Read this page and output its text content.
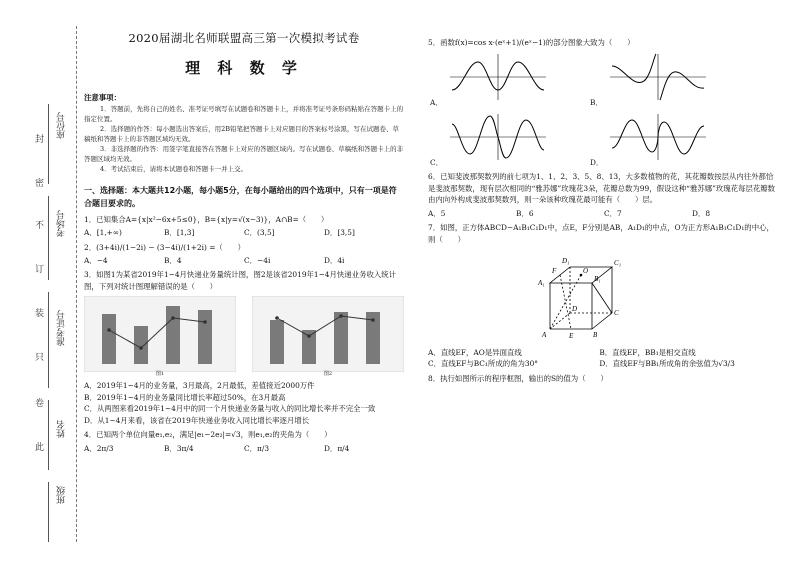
座位号
考场号
准考证号
姓名
班级
封
密
不
订
装
只
卷
此
2020届湖北名师联盟高三第一次模拟考试卷
理 科 数 学
注意事项：

1．答题前，先将自己的姓名、准考证号填写在试题卷和答题卡上，并将准考证号条形码粘贴在答题卡上的指定位置。

2．选择题的作答：每小题选出答案后，用2B铅笔把答题卡上对应题目的答案标号涂黑，写在试题卷、草稿纸和答题卡上的非答题区域均无效。

3．非选择题的作答：用签字笔直接答在答题卡上对应的答题区域内。写在试题卷、草稿纸和答题卡上的非答题区域均无效。

4．考试结束后，请将本试题卷和答题卡一并上交。

一、选择题：本大题共12小题，每小题5分，在每小题给出的四个选项中，只有一项是符合题目要求的。
1．已知集合A={x|x²−6x+5≤0}，B={x|y=√(x−3)}，A∩B=（　　）
A．[1,+∞)	B．[1,3]	C．(3,5]	D．[3,5]
2．(3+4i)/(1−2i) − (3−4i)/(1+2i) =（　　）
A．−4	B．4	C．−4i	D．4i
3．如图1为某省2019年1~4月快递业务量统计图，图2是该省2019年1~4月快递业务收入统计图，下列对统计图理解错误的是（　　）
图1	图2
A．2019年1~4月的业务量，3月最高，2月最低，差值接近2000万件
B．2019年1~4月的业务量同比增长率超过50%，在3月最高
C．从两图来看2019年1~4月中的同一个月快递业务量与收入的同比增长率并不完全一致
D．从1~4月来看，该省在2019年快递业务收入同比增长率逐月增长
4．已知两个单位向量e₁,e₂，满足|e₁−2e₂|=√3，则e₁,e₂的夹角为（　　）
A．2π/3	B．3π/4	C．π/3	D．π/4
5．函数f(x)=cos x·(eˣ+1)/(eˣ−1)的部分图象大致为（　　）
A．	B．
C．	D．
6．已知斐波那契数列的前七项为1、1、2、3、5、8、13，大多数植物的花，其花瓣数按层从内往外都恰是斐波那契数，现有层次相同的“雅苏娜”玫瑰花3朵，花瓣总数为99，假设这种“雅苏娜”玫瑰花每层花瓣数由内向外构成斐波那契数列，则一朵该种玫瑰花最可能有（　　）层。
A．5	B．6	C．7	D．8
7．如图，正方体ABCD−A₁B₁C₁D₁中，点E，F分别是AB，A₁D₁的中点，O为正方形A₁B₁C₁D₁的中心，则（　　）
D₁	C₁
A₁	B₁
F	O
D	C
A	E	B
A．直线EF，AO是异面直线	B．直线EF，BB₁是相交直线 C．直线EF与BC₁所成的角为30°	D．直线EF与BB₁所成角的余弦值为√3/3
8．执行如图所示的程序框图，输出的S的值为（　　）
